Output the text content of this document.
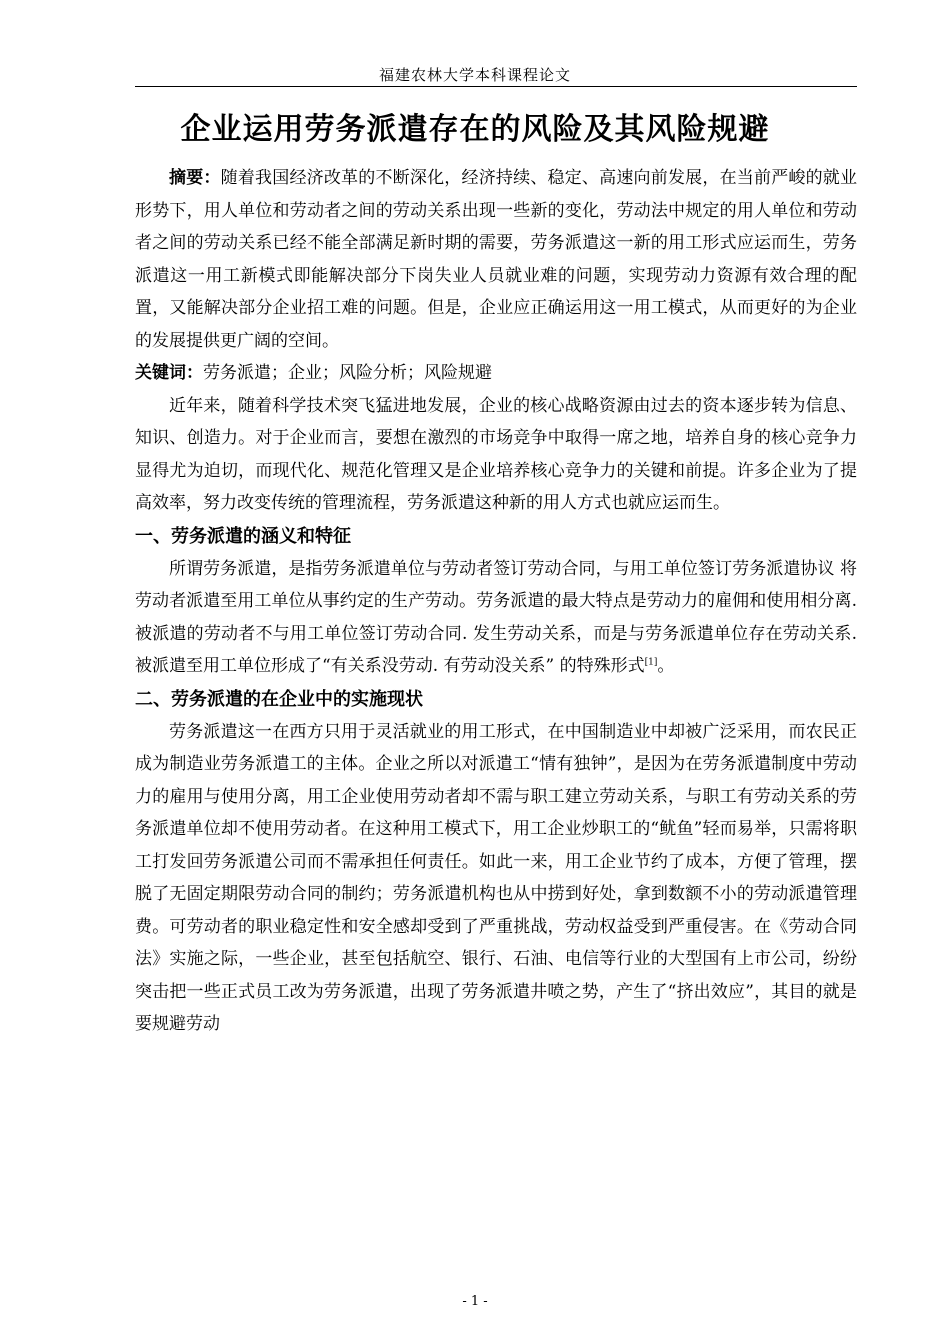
福建农林大学本科课程论文
企业运用劳务派遣存在的风险及其风险规避

摘要：随着我国经济改革的不断深化，经济持续、稳定、高速向前发展，在当前严峻的就业形势下，用人单位和劳动者之间的劳动关系出现一些新的变化，劳动法中规定的用人单位和劳动者之间的劳动关系已经不能全部满足新时期的需要，劳务派遣这一新的用工形式应运而生，劳务派遣这一用工新模式即能解决部分下岗失业人员就业难的问题，实现劳动力资源有效合理的配置，又能解决部分企业招工难的问题。但是，企业应正确运用这一用工模式，从而更好的为企业的发展提供更广阔的空间。

关键词：劳务派遣；企业；风险分析；风险规避

近年来，随着科学技术突飞猛进地发展，企业的核心战略资源由过去的资本逐步转为信息、知识、创造力。对于企业而言，要想在激烈的市场竞争中取得一席之地，培养自身的核心竞争力显得尤为迫切，而现代化、规范化管理又是企业培养核心竞争力的关键和前提。许多企业为了提高效率，努力改变传统的管理流程，劳务派遣这种新的用人方式也就应运而生。

一、劳务派遣的涵义和特征

所谓劳务派遣，是指劳务派遣单位与劳动者签订劳动合同，与用工单位签订劳务派遣协议 将劳动者派遣至用工单位从事约定的生产劳动。劳务派遣的最大特点是劳动力的雇佣和使用相分离. 被派遣的劳动者不与用工单位签订劳动合同. 发生劳动关系，而是与劳务派遣单位存在劳动关系. 被派遣至用工单位形成了“有关系没劳动. 有劳动没关系” 的特殊形式[1]。

二、劳务派遣的在企业中的实施现状

劳务派遣这一在西方只用于灵活就业的用工形式，在中国制造业中却被广泛采用，而农民正成为制造业劳务派遣工的主体。企业之所以对派遣工“情有独钟”，是因为在劳务派遣制度中劳动力的雇用与使用分离，用工企业使用劳动者却不需与职工建立劳动关系，与职工有劳动关系的劳务派遣单位却不使用劳动者。在这种用工模式下，用工企业炒职工的“鱿鱼”轻而易举，只需将职工打发回劳务派遣公司而不需承担任何责任。如此一来，用工企业节约了成本，方便了管理，摆脱了无固定期限劳动合同的制约；劳务派遣机构也从中捞到好处，拿到数额不小的劳动派遣管理费。可劳动者的职业稳定性和安全感却受到了严重挑战，劳动权益受到严重侵害。在《劳动合同法》实施之际，一些企业，甚至包括航空、银行、石油、电信等行业的大型国有上市公司，纷纷突击把一些正式员工改为劳务派遣，出现了劳务派遣井喷之势，产生了“挤出效应”，其目的就是要规避劳动

- 1 -
